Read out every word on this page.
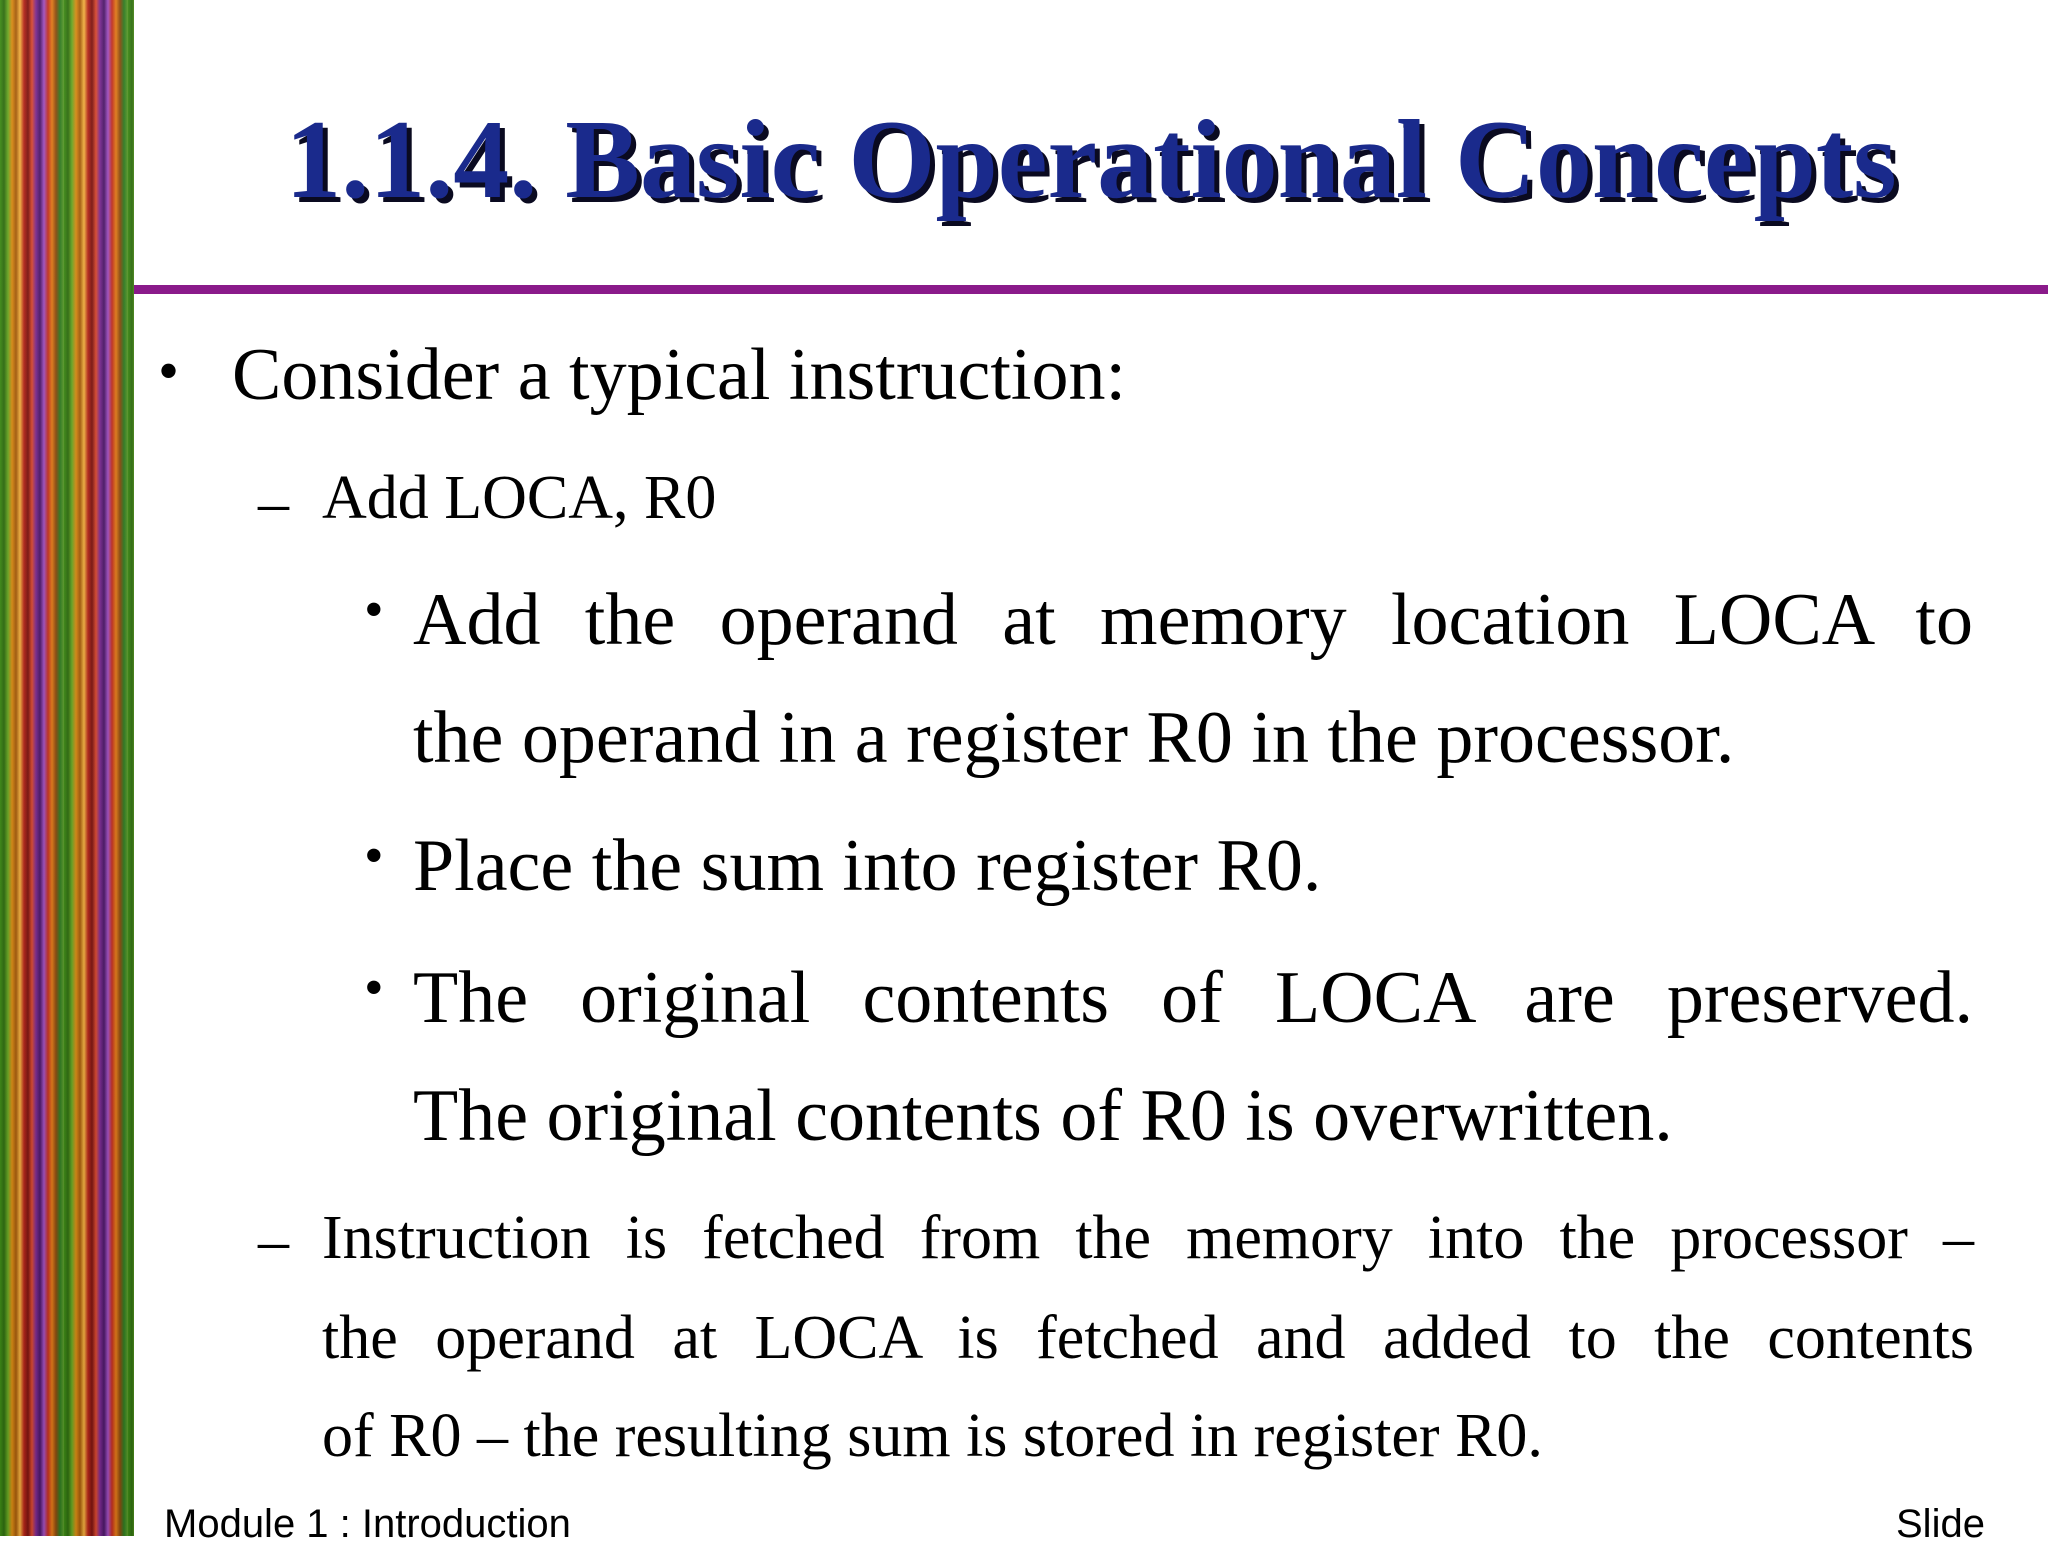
1.1.4. Basic Operational Concepts
• Consider a typical instruction:
– Add LOCA, R0
• Add the operand at memory location LOCA to
the operand in a register R0 in the processor.
• Place the sum into register R0.
• The original contents of LOCA are preserved.
The original contents of R0 is overwritten.
– Instruction is fetched from the memory into the processor –
the operand at LOCA is fetched and added to the contents
of R0 – the resulting sum is stored in register R0.
Module 1 : Introduction	Slide
